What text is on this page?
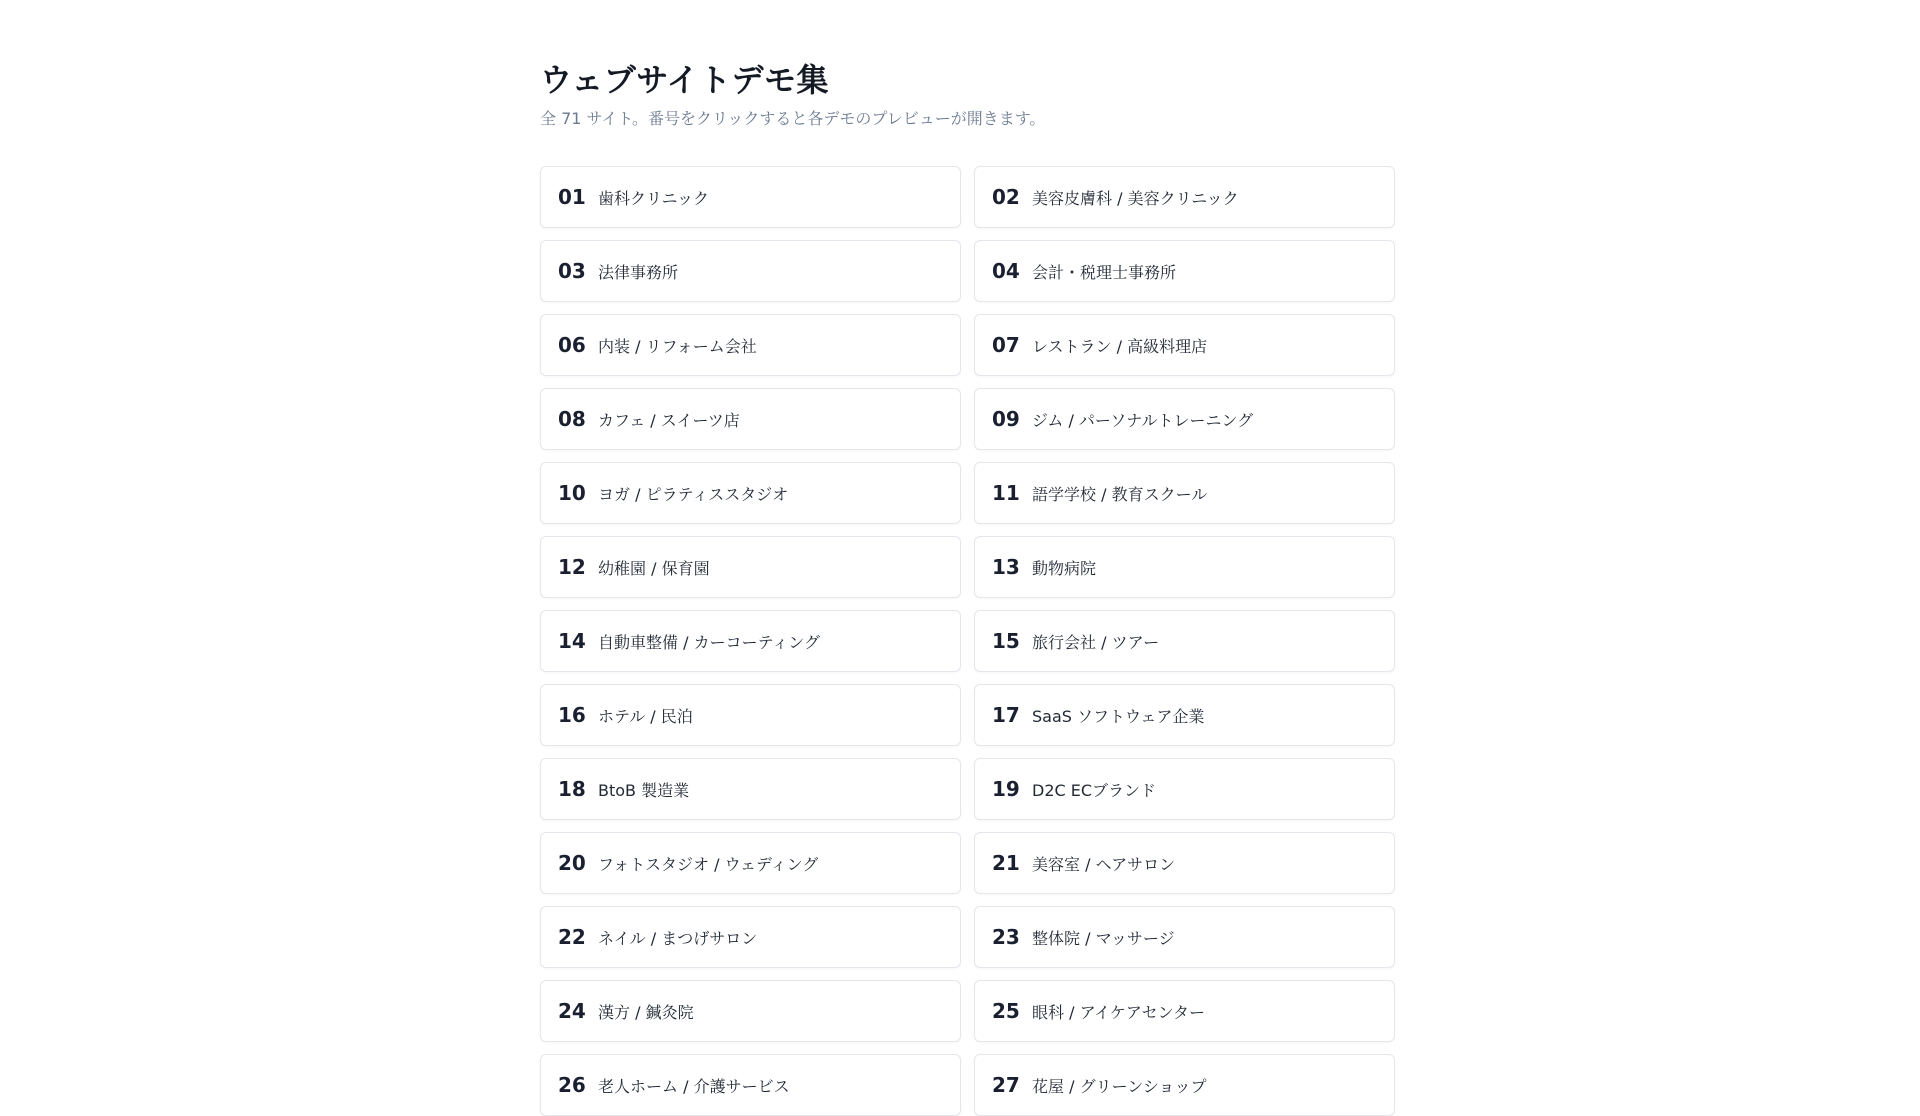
ウェブサイトデモ集

全 71 サイト。番号をクリックすると各デモのプレビューが開きます。

01 歯科クリニック	02 美容皮膚科 / 美容クリニック
03 法律事務所	04 会計・税理士事務所
06 内装 / リフォーム会社	07 レストラン / 高級料理店
08 カフェ / スイーツ店	09 ジム / パーソナルトレーニング
10 ヨガ / ピラティススタジオ	11 語学学校 / 教育スクール
12 幼稚園 / 保育園	13 動物病院
14 自動車整備 / カーコーティング	15 旅行会社 / ツアー
16 ホテル / 民泊	17 SaaS ソフトウェア企業
18 BtoB 製造業	19 D2C ECブランド
20 フォトスタジオ / ウェディング	21 美容室 / ヘアサロン
22 ネイル / まつげサロン	23 整体院 / マッサージ
24 漢方 / 鍼灸院	25 眼科 / アイケアセンター
26 老人ホーム / 介護サービス	27 花屋 / グリーンショップ
